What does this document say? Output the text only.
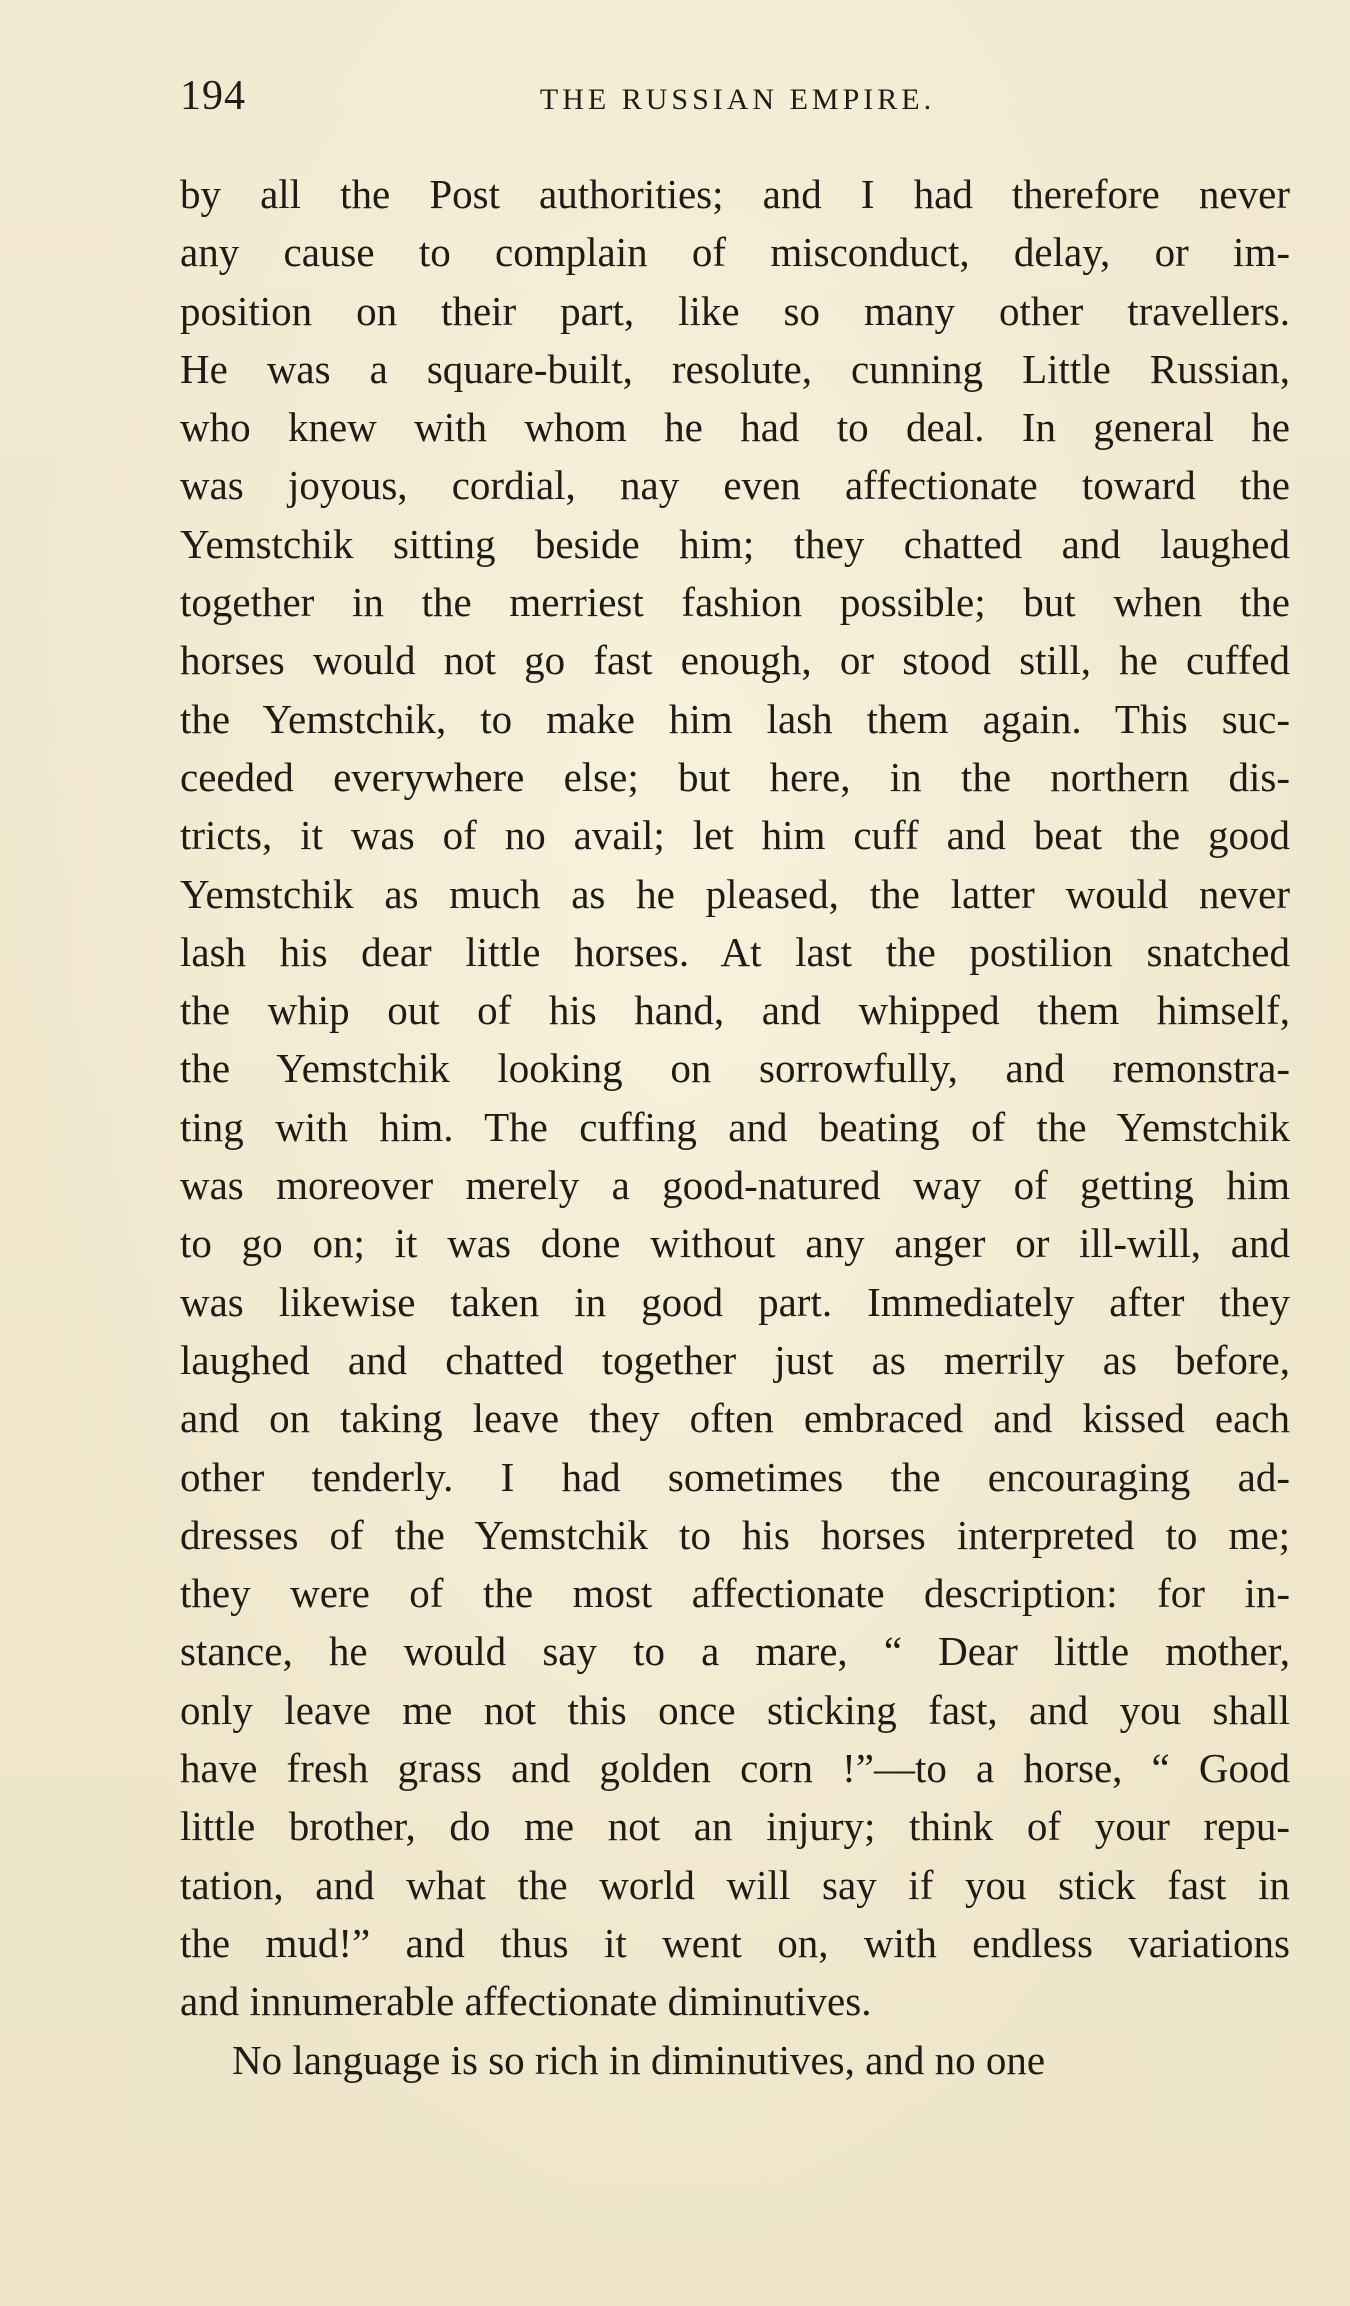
194	THE RUSSIAN EMPIRE.
by all the Post authorities; and I had therefore never
any cause to complain of misconduct, delay, or im-
position on their part, like so many other travellers.
He was a square-built, resolute, cunning Little Russian,
who knew with whom he had to deal. In general he
was joyous, cordial, nay even affectionate toward the
Yemstchik sitting beside him; they chatted and laughed
together in the merriest fashion possible; but when the
horses would not go fast enough, or stood still, he cuffed
the Yemstchik, to make him lash them again. This suc-
ceeded everywhere else; but here, in the northern dis-
tricts, it was of no avail; let him cuff and beat the good
Yemstchik as much as he pleased, the latter would never
lash his dear little horses. At last the postilion snatched
the whip out of his hand, and whipped them himself,
the Yemstchik looking on sorrowfully, and remonstra-
ting with him. The cuffing and beating of the Yemstchik
was moreover merely a good-natured way of getting him
to go on; it was done without any anger or ill-will, and
was likewise taken in good part. Immediately after they
laughed and chatted together just as merrily as before,
and on taking leave they often embraced and kissed each
other tenderly. I had sometimes the encouraging ad-
dresses of the Yemstchik to his horses interpreted to me;
they were of the most affectionate description: for in-
stance, he would say to a mare, “ Dear little mother,
only leave me not this once sticking fast, and you shall
have fresh grass and golden corn !”—to a horse, “ Good
little brother, do me not an injury; think of your repu-
tation, and what the world will say if you stick fast in
the mud!” and thus it went on, with endless variations
and innumerable affectionate diminutives.
No language is so rich in diminutives, and no one
